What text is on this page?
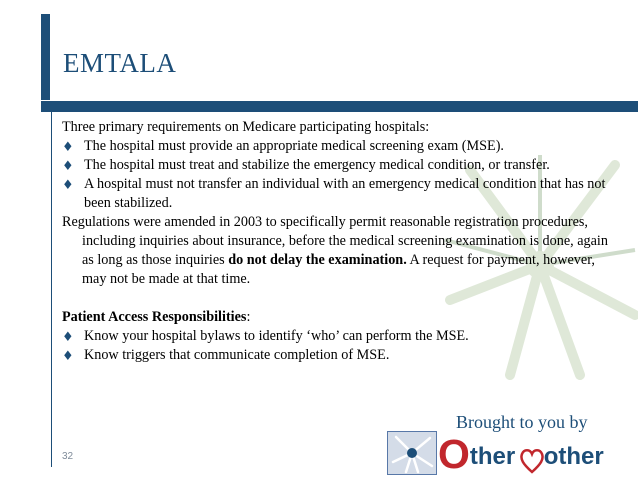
EMTALA

Three primary requirements on Medicare participating hospitals:

♦ The hospital must provide an appropriate medical screening exam (MSE).

♦ The hospital must treat and stabilize the emergency medical condition, or transfer.

♦ A hospital must not transfer an individual with an emergency medical condition that has not been stabilized.

Regulations were amended in 2003 to specifically permit reasonable registration procedures, including inquiries about insurance, before the medical screening examination is done, again as long as those inquiries do not delay the examination. A request for payment, however, may not be made at that time.

Patient Access Responsibilities:

♦ Know your hospital bylaws to identify ‘who’ can perform the MSE.

♦ Know triggers that communicate completion of MSE.

Brought to you by
32	Other other
